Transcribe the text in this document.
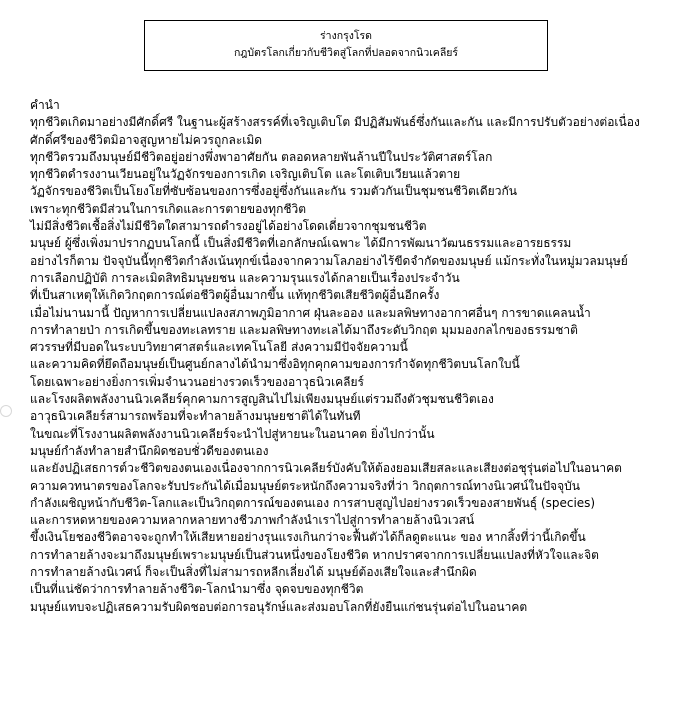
ร่างกรุงโรด
กฎบัตรโลกเกี่ยวกับชีวิตสู่โลกที่ปลอดจากนิวเคลียร์
คำนำ
ทุกชีวิตเกิดมาอย่างมีศักดิ์ศรี ในฐานะผู้สร้างสรรค์ที่เจริญเติบโต มีปฏิสัมพันธ์ซึ่งกันและกัน และมีการปรับตัวอย่างต่อเนื่อง
ศักดิ์ศรีของชีวิตมิอาจสูญหายไม่ควรถูกละเมิด
ทุกชีวิตรวมถึงมนุษย์มีชีวิตอยู่อย่างพึ่งพาอาศัยกัน ตลอดหลายพันล้านปีในประวัติศาสตร์โลก
ทุกชีวิตดำรงงานเวียนอยู่ในวัฏจักรของการเกิด เจริญเติบโต และโตเติบเวียนแล้วตาย
วัฏจักรของชีวิตเป็นโยงโยที่ซับซ้อนของการซึ่งอยู่ซึ่งกันและกัน รวมตัวกันเป็นชุมชนชีวิตเดียวกัน
เพราะทุกชีวิตมีส่วนในการเกิดและการตายของทุกชีวิต
ไม่มีสิ่งชีวิตเชื้อสิ่งไม่มีชีวิตใดสามารถดำรงอยู่ได้อย่างโดดเดี่ยวจากชุมชนชีวิต
มนุษย์ ผู้ซึ่งเพิ่งมาปรากฏบนโลกนี้ เป็นสิ่งมีชีวิตที่เอกลักษณ์เฉพาะ ได้มีการพัฒนาวัฒนธรรมและอารยธรรม
อย่างไรก็ตาม ปัจจุบันนี้ทุกชีวิตกำลังเน้นทุกข์เนื่องจากความโลภอย่างไร้ขีดจำกัดของมนุษย์ แม้กระทั่งในหมู่มวลมนุษย์
การเลือกปฏิบัติ การละเมิดสิทธิมนุษยชน และความรุนแรงได้กลายเป็นเรื่องประจำวัน
ที่เป็นสาเหตุให้เกิดวิกฤตการณ์ต่อชีวิตผู้อื่นมากขึ้น แท้ทุกชีวิตเสียชีวิตผู้อื่นอีกครั้ง
เมื่อไม่นานมานี้ ปัญหาการเปลี่ยนแปลงสภาพภูมิอากาศ ฝุ่นละออง และมลพิษทางอากาศอื่นๆ การขาดแคลนน้ำ
การทำลายป่า การเกิดขึ้นของทะเลทราย และมลพิษทางทะเลได้มาถึงระดับวิกฤต มุมมองกลไกของธรรมชาติ
ศวรรษที่มีบอดในระบบวิทยาศาสตร์และเทคโนโลยี ส่งความมีปัจจัยความนี้
และความคิดที่ยึดถือมนุษย์เป็นศูนย์กลางได้นำมาซึ่งอิทุกคุกคามของการกำจัดทุกชีวิตบนโลกใบนี้
โดยเฉพาะอย่างยิ่งการเพิ่มจำนวนอย่างรวดเร็วของอาวุธนิวเคลียร์
และโรงผลิตพลังงานนิวเคลียร์คุกคามการสูญสินไปไม่เพียงมนุษย์แต่รวมถึงตัวชุมชนชีวิตเอง
อาวุธนิวเคลียร์สามารถพร้อมที่จะทำลายล้างมนุษยชาติได้ในทันที
ในขณะที่โรงงานผลิตพลังงานนิวเคลียร์จะนำไปสู่หายนะในอนาคต ยิ่งไปกว่านั้น
มนุษย์กำลังทำลายสำนึกผิดชอบชั่วดีของตนเอง
และยังปฏิเสธการต์วะชีวิตของตนเองเนื่องจากการนิวเคลียร์บังคับให้ต้องยอมเสียสละและเสียงต่อชุรุ่นต่อไปในอนาคต
ความควทนาตรของโลกจะรับประกันได้เมื่อมนุษย์ตระหนักถึงความจริงที่ว่า วิกฤตการณ์ทางนิเวศน์ในปัจจุบัน
กำลังเผชิญหน้ากับชีวิต-โลกและเป็นวิกฤตการณ์ของตนเอง การสาบสูญไปอย่างรวดเร็วของสายพันธุ์ (species)
และการหดหายของความหลากหลายทางชีวภาพกำลังนำเราไปสู่การทำลายล้างนิวเวสน์
ขึ้งเงินโยชองชีวิตอาจจะถูกทำให้เสียหายอย่างรุนแรงเกินกว่าจะฟื้นตัวได้ก็ลดูตะแนะ ของ หากสิ้งที่ว่านี้เกิดขึ้น
การทำลายล้างจะมาถึงมนุษย์เพราะมนุษย์เป็นส่วนหนึ่งของโยงชีวิต หากปราศจากการเปลี่ยนแปลงที่หัวใจและจิต
การทำลายล้างนิเวศน์ ก็จะเป็นสิ่งที่ไม่สามารถหลีกเลี่ยงได้ มนุษย์ต้องเสียใจและสำนึกผิด
เป็นที่แน่ชัดว่าการทำลายล้างชีวิต-โลกนำมาซึ่ง จุดจบของทุกชีวิต
มนุษย์แทบจะปฏิเสธความรับผิดชอบต่อการอนุรักษ์และส่งมอบโลกที่ยังยืนแก่ชนรุ่นต่อไปในอนาคต
